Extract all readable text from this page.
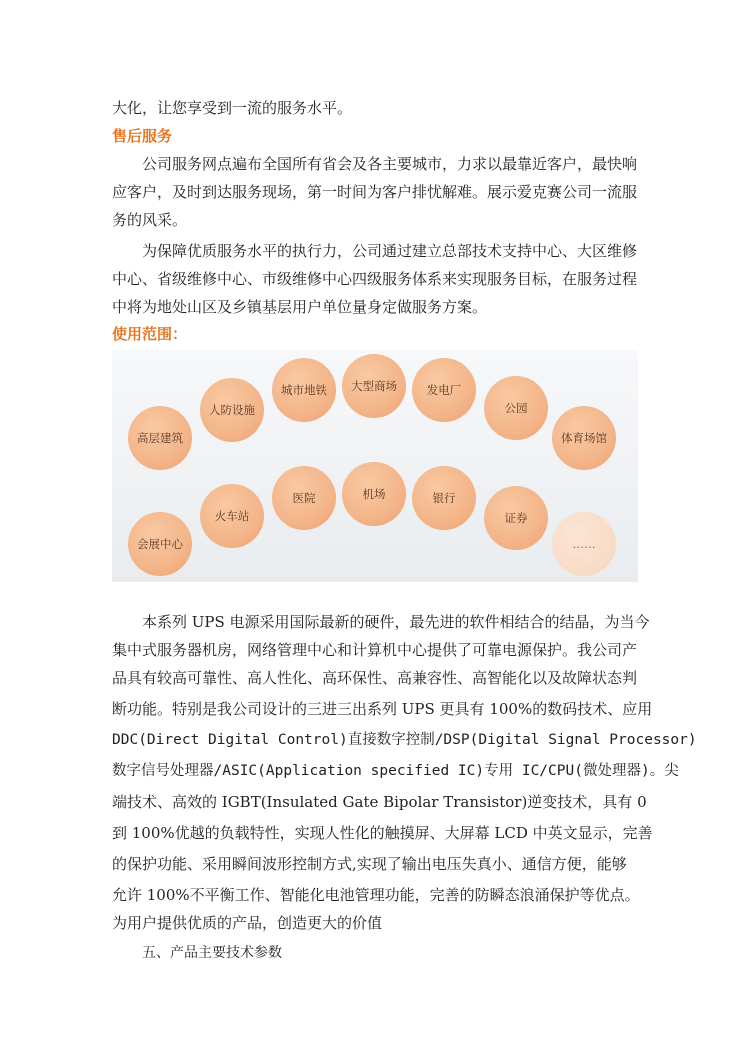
大化，让您享受到一流的服务水平。
售后服务
公司服务网点遍布全国所有省会及各主要城市，力求以最靠近客户，最快响
应客户，及时到达服务现场，第一时间为客户排忧解难。展示爱克赛公司一流服
务的风采。
为保障优质服务水平的执行力，公司通过建立总部技术支持中心、大区维修
中心、省级维修中心、市级维修中心四级服务体系来实现服务目标，在服务过程
中将为地处山区及乡镇基层用户单位量身定做服务方案。
使用范围：
高层建筑
人防设施
城市地铁	大型商场	发电厂
公园
体育场馆
会展中心
火车站
医院	机场	银行
证券
……
本系列 UPS 电源采用国际最新的硬件，最先进的软件相结合的结晶，为当今
集中式服务器机房，网络管理中心和计算机中心提供了可靠电源保护。我公司产
品具有较高可靠性、高人性化、高环保性、高兼容性、高智能化以及故障状态判
断功能。特别是我公司设计的三进三出系列 UPS 更具有 100%的数码技术、应用
DDC(Direct Digital Control)直接数字控制/DSP(Digital Signal Processor)
数字信号处理器/ASIC(Application specified IC)专用 IC/CPU(微处理器)。尖
端技术、高效的 IGBT(Insulated Gate Bipolar Transistor)逆变技术，具有 0
到 100%优越的负载特性，实现人性化的触摸屏、大屏幕 LCD 中英文显示，完善
的保护功能、采用瞬间波形控制方式,实现了输出电压失真小、通信方便，能够
允许 100%不平衡工作、智能化电池管理功能，完善的防瞬态浪涌保护等优点。
为用户提供优质的产品，创造更大的价值
五、产品主要技术参数
